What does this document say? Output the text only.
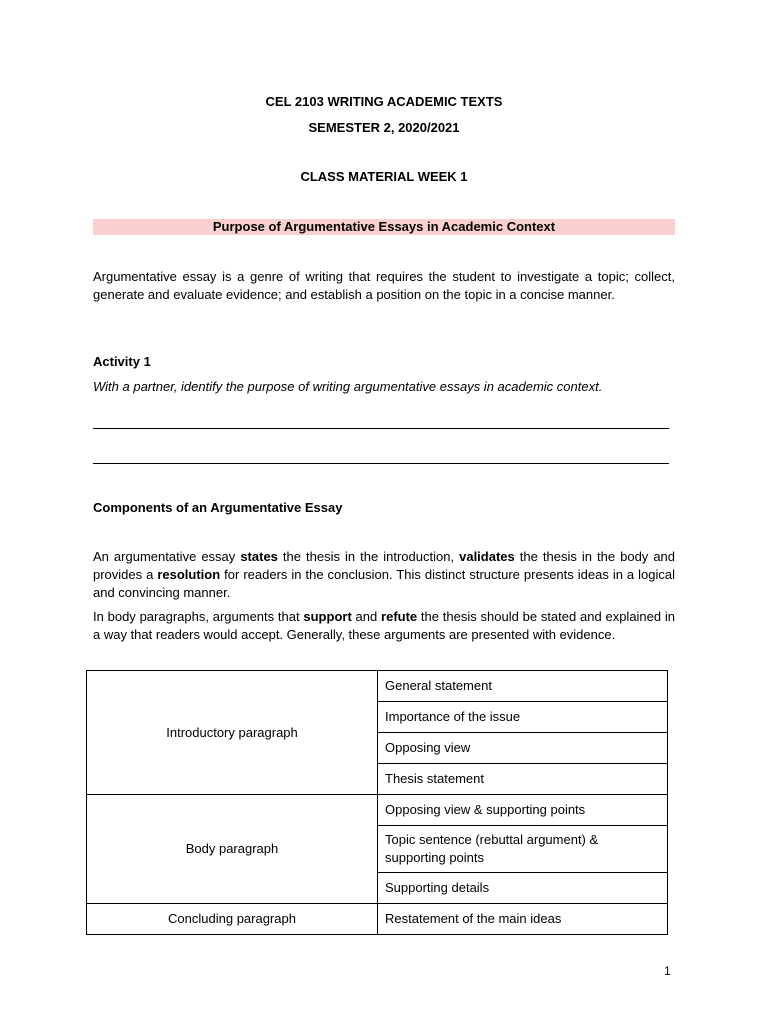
CEL 2103 WRITING ACADEMIC TEXTS
SEMESTER 2, 2020/2021
CLASS MATERIAL WEEK 1
Purpose of Argumentative Essays in Academic Context
Argumentative essay is a genre of writing that requires the student to investigate a topic; collect, generate and evaluate evidence; and establish a position on the topic in a concise manner.
Activity 1
With a partner, identify the purpose of writing argumentative essays in academic context.
Components of an Argumentative Essay
An argumentative essay states the thesis in the introduction, validates the thesis in the body and provides a resolution for readers in the conclusion. This distinct structure presents ideas in a logical and convincing manner.
In body paragraphs, arguments that support and refute the thesis should be stated and explained in a way that readers would accept. Generally, these arguments are presented with evidence.
Introductory paragraph	General statement
	Importance of the issue
	Opposing view
	Thesis statement
Body paragraph	Opposing view & supporting points
	Topic sentence (rebuttal argument) & supporting points
	Supporting details
Concluding paragraph	Restatement of the main ideas
1
